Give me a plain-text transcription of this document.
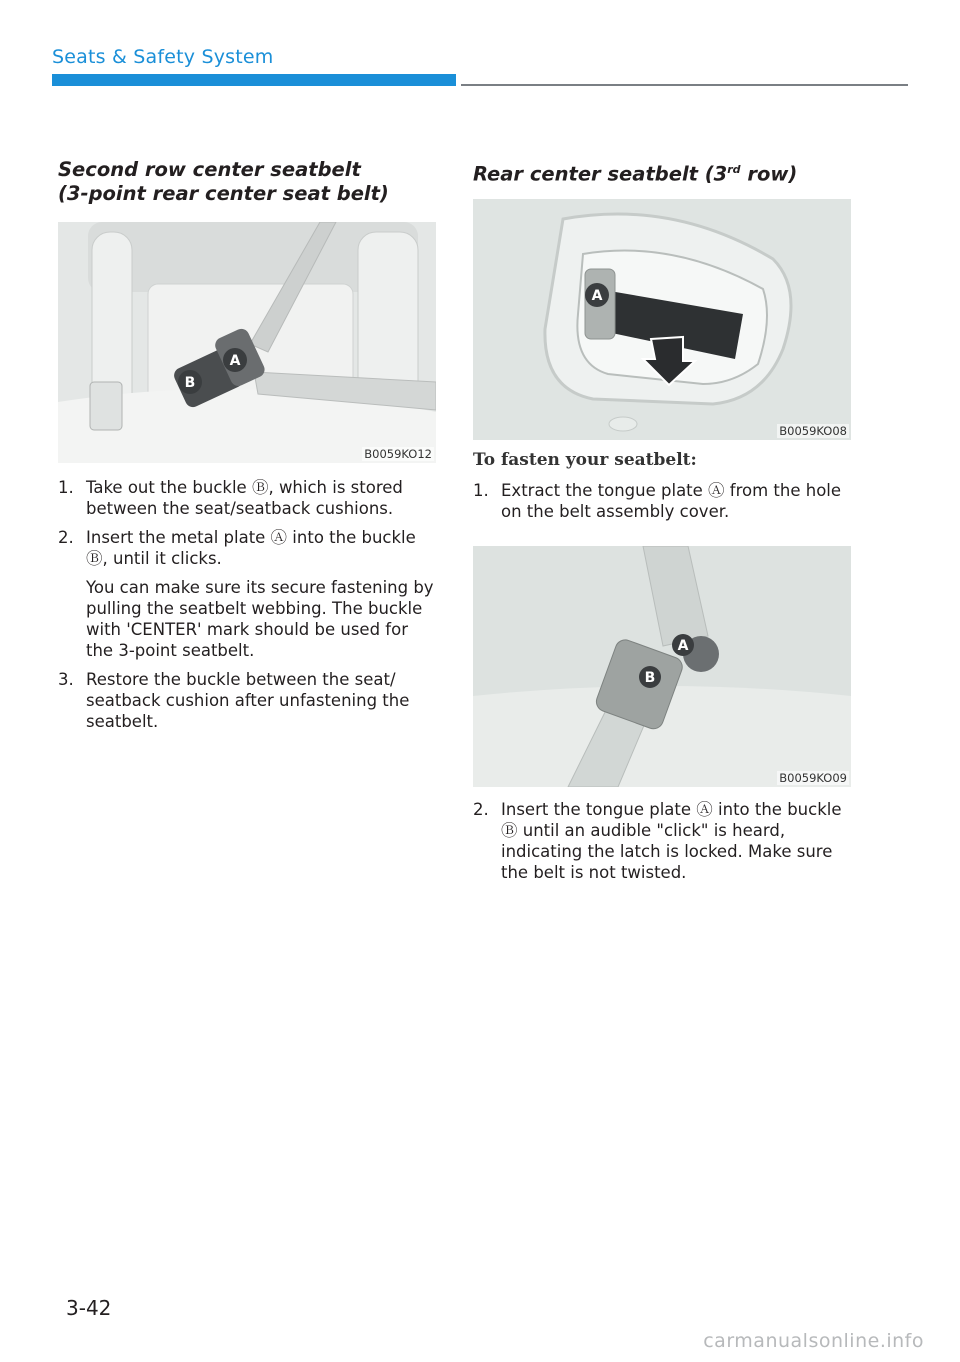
Seats & Safety System
Second row center seatbelt
(3-point rear center seat belt)
A
B
B0059KO12
1. Take out the buckle Ⓑ, which is stored between the seat/seatback cushions.
2. Insert the metal plate Ⓐ into the buckle Ⓑ, until it clicks.

You can make sure its secure fastening by pulling the seatbelt webbing. The buckle with 'CENTER' mark should be used for the 3-point seatbelt.

3. Restore the buckle between the seat/ seatback cushion after unfastening the seatbelt.
Rear center seatbelt (3rd row)
A
B0059KO08
To fasten your seatbelt:
1. Extract the tongue plate Ⓐ from the hole on the belt assembly cover.
A
B
B0059KO09
2. Insert the tongue plate Ⓐ into the buckle Ⓑ until an audible "click" is heard, indicating the latch is locked. Make sure the belt is not twisted.
3-42
carmanualsonline.info
